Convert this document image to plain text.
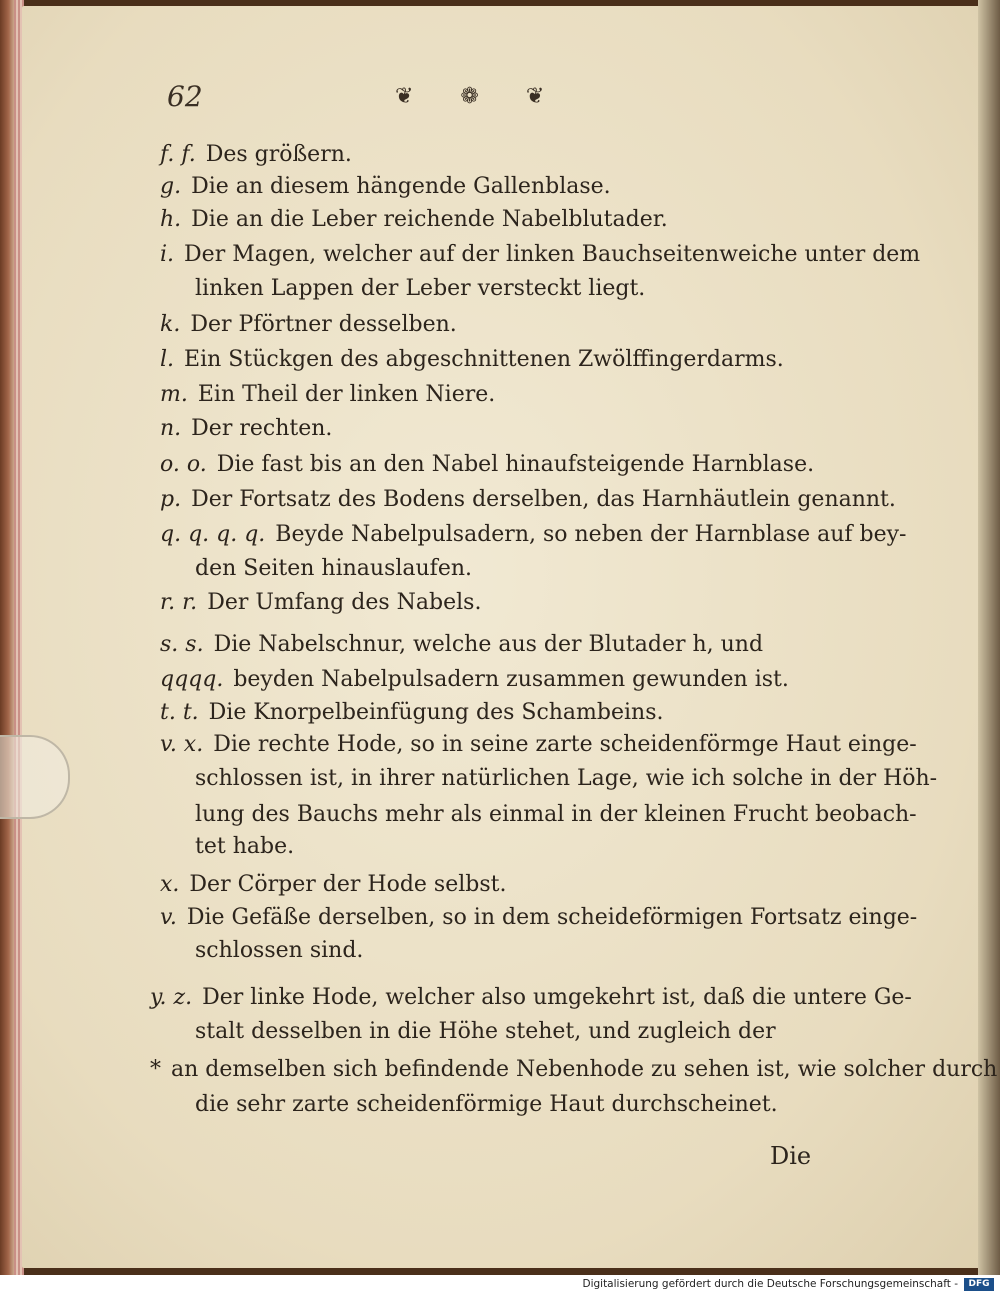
62	❦ ❁ ❦
f. f. Des größern.
g. Die an diesem hängende Gallenblase.
h. Die an die Leber reichende Nabelblutader.
i. Der Magen, welcher auf der linken Bauchseitenweiche unter dem
linken Lappen der Leber versteckt liegt.
k. Der Pförtner desselben.
l. Ein Stückgen des abgeschnittenen Zwölffingerdarms.
m. Ein Theil der linken Niere.
n. Der rechten.
o. o. Die fast bis an den Nabel hinaufsteigende Harnblase.
p. Der Fortsatz des Bodens derselben, das Harnhäutlein genannt.
q. q. q. q. Beyde Nabelpulsadern, so neben der Harnblase auf bey-
den Seiten hinauslaufen.
r. r. Der Umfang des Nabels.
s. s. Die Nabelschnur, welche aus der Blutader h, und
qqqq. beyden Nabelpulsadern zusammen gewunden ist.
t. t. Die Knorpelbeinfügung des Schambeins.
v. x. Die rechte Hode, so in seine zarte scheidenförmge Haut einge-
schlossen ist, in ihrer natürlichen Lage, wie ich solche in der Höh-
lung des Bauchs mehr als einmal in der kleinen Frucht beobach-
tet habe.
x. Der Cörper der Hode selbst.
v. Die Gefäße derselben, so in dem scheideförmigen Fortsatz einge-
schlossen sind.
y. z. Der linke Hode, welcher also umgekehrt ist, daß die untere Ge-
stalt desselben in die Höhe stehet, und zugleich der
* an demselben sich befindende Nebenhode zu sehen ist, wie solcher durch
die sehr zarte scheidenförmige Haut durchscheinet.
Die
Digitalisierung gefördert durch die Deutsche Forschungsgemeinschaft -	DFG
